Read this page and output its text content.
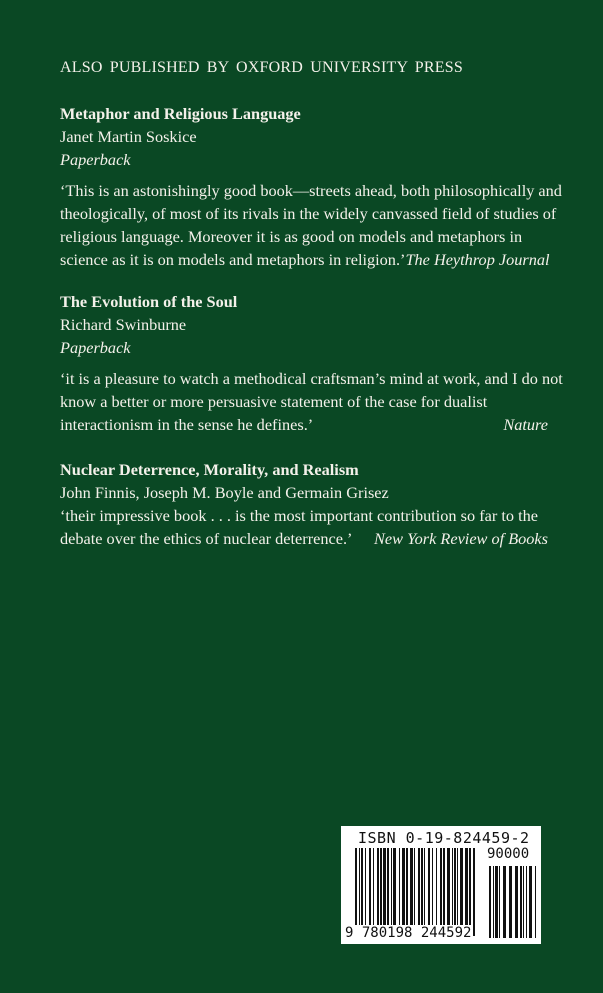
ALSO PUBLISHED BY OXFORD UNIVERSITY PRESS
Metaphor and Religious Language
Janet Martin Soskice
Paperback
‘This is an astonishingly good book—streets ahead, both philosophically and
theologically, of most of its rivals in the widely canvassed field of studies of
religious language. Moreover it is as good on models and metaphors in
science as it is on models and metaphors in religion.’ The Heythrop Journal
The Evolution of the Soul
Richard Swinburne
Paperback
‘it is a pleasure to watch a methodical craftsman’s mind at work, and I do not
know a better or more persuasive statement of the case for dualist
interactionism in the sense he defines.’	Nature
Nuclear Deterrence, Morality, and Realism
John Finnis, Joseph M. Boyle and Germain Grisez
‘their impressive book . . . is the most important contribution so far to the
debate over the ethics of nuclear deterrence.’ New York Review of Books
ISBN 0-19-824459-2
90000
9 780198 244592
